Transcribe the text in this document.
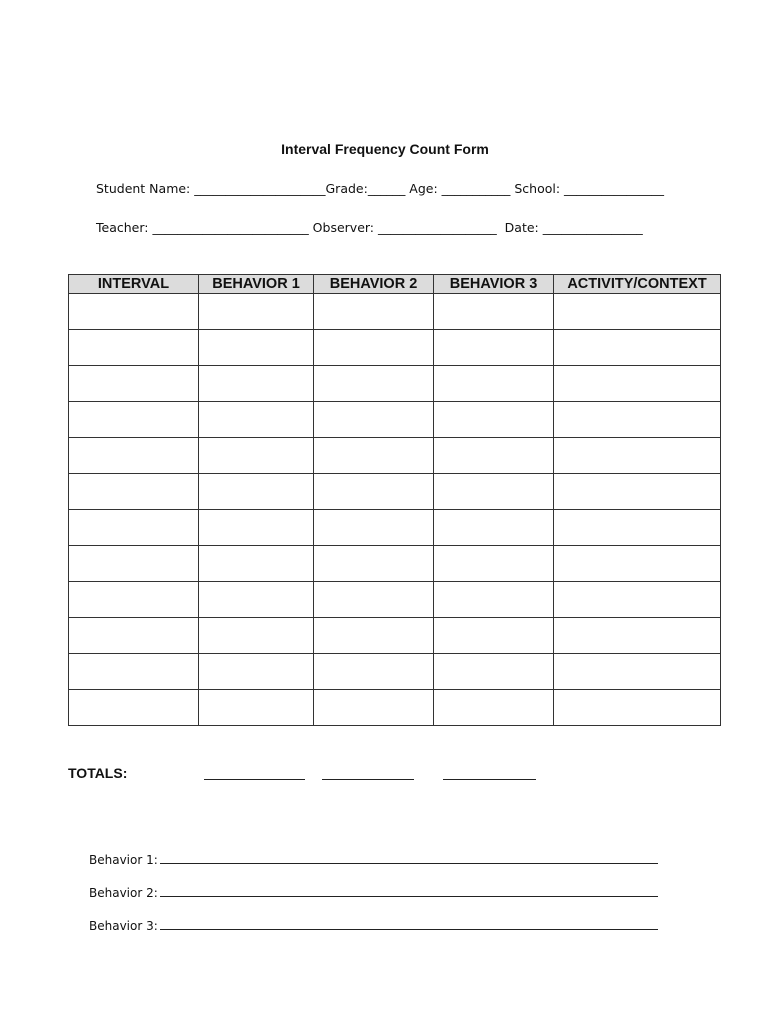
Interval Frequency Count Form
Student Name: _____________________Grade:______ Age: ___________ School: ________________
Teacher: _________________________ Observer: ___________________  Date: ________________
INTERVAL	BEHAVIOR 1	BEHAVIOR 2	BEHAVIOR 3	ACTIVITY/CONTEXT

TOTALS:
Behavior 1:
Behavior 2:
Behavior 3:
